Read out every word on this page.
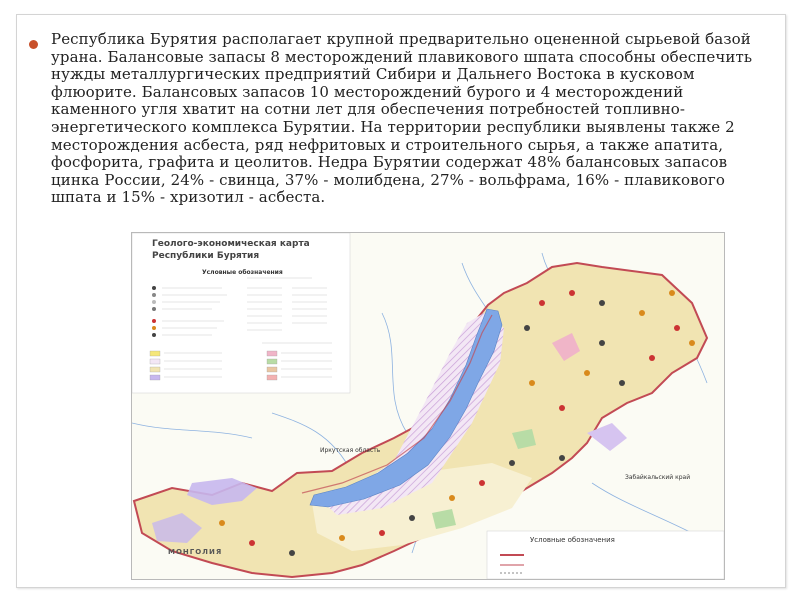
Республика Бурятия располагает крупной предварительно оцененной сырьевой базой урана. Балансовые запасы 8 месторождений плавикового шпата способны обеспечить нужды металлургических предприятий Сибири и Дальнего Востока в кусковом флюорите. Балансовых запасов 10 месторождений бурого и 4 месторождений каменного угля хватит на сотни лет для обеспечения потребностей топливно-энергетического комплекса Бурятии. На территории республики выявлены также 2 месторождения асбеста, ряд нефритовых и строительного сырья, а также апатита, фосфорита, графита и цеолитов. Недра Бурятии содержат 48% балансовых запасов цинка России, 24% - свинца, 37% - молибдена, 27% - вольфрама, 16% - плавикового шпата и 15% - хризотил - асбеста.

Геолого-экономическая карта
Республики Бурятия
Условные обозначения
Иркутская область
Забайкальский край
МОНГОЛИЯ
Условные обозначения
